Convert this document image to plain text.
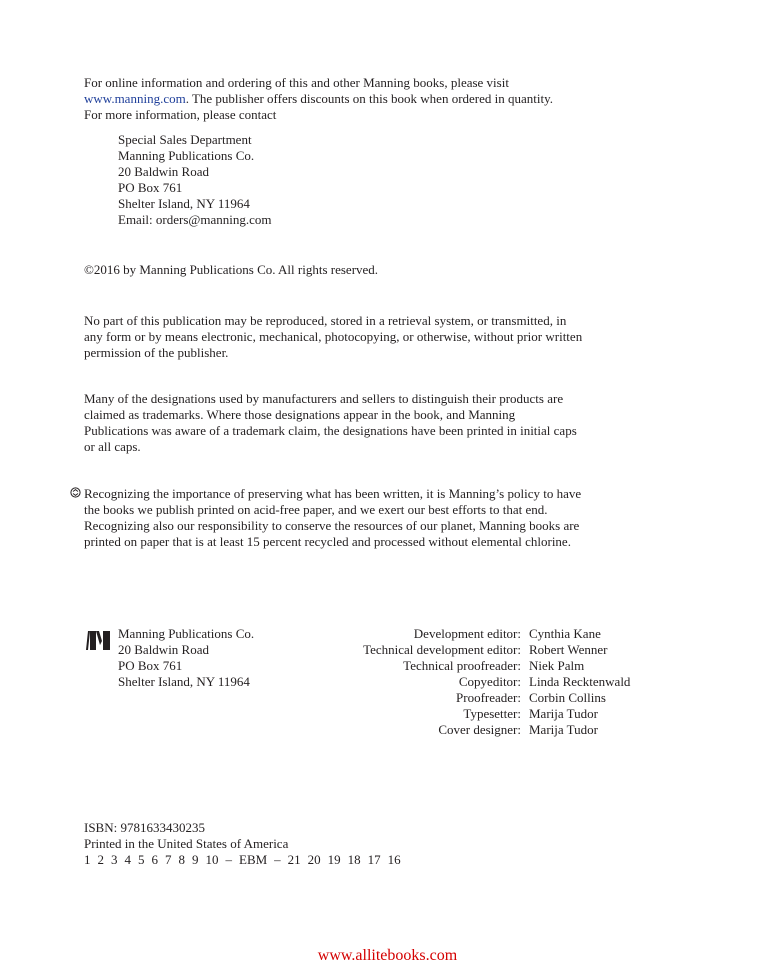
For online information and ordering of this and other Manning books, please visit
www.manning.com. The publisher offers discounts on this book when ordered in quantity.
For more information, please contact
Special Sales Department
Manning Publications Co.
20 Baldwin Road
PO Box 761
Shelter Island, NY 11964
Email: orders@manning.com
©2016 by Manning Publications Co. All rights reserved.
No part of this publication may be reproduced, stored in a retrieval system, or transmitted, in
any form or by means electronic, mechanical, photocopying, or otherwise, without prior written
permission of the publisher.
Many of the designations used by manufacturers and sellers to distinguish their products are
claimed as trademarks. Where those designations appear in the book, and Manning
Publications was aware of a trademark claim, the designations have been printed in initial caps
or all caps.
Recognizing the importance of preserving what has been written, it is Manning’s policy to have
the books we publish printed on acid-free paper, and we exert our best efforts to that end.
Recognizing also our responsibility to conserve the resources of our planet, Manning books are
printed on paper that is at least 15 percent recycled and processed without elemental chlorine.
Manning Publications Co.
20 Baldwin Road
PO Box 761
Shelter Island, NY 11964
Development editor: Cynthia Kane
Technical development editor: Robert Wenner
Technical proofreader: Niek Palm
Copyeditor: Linda Recktenwald
Proofreader: Corbin Collins
Typesetter: Marija Tudor
Cover designer: Marija Tudor
ISBN: 9781633430235
Printed in the United States of America
1 2 3 4 5 6 7 8 9 10 – EBM – 21 20 19 18 17 16
www.allitebooks.com
